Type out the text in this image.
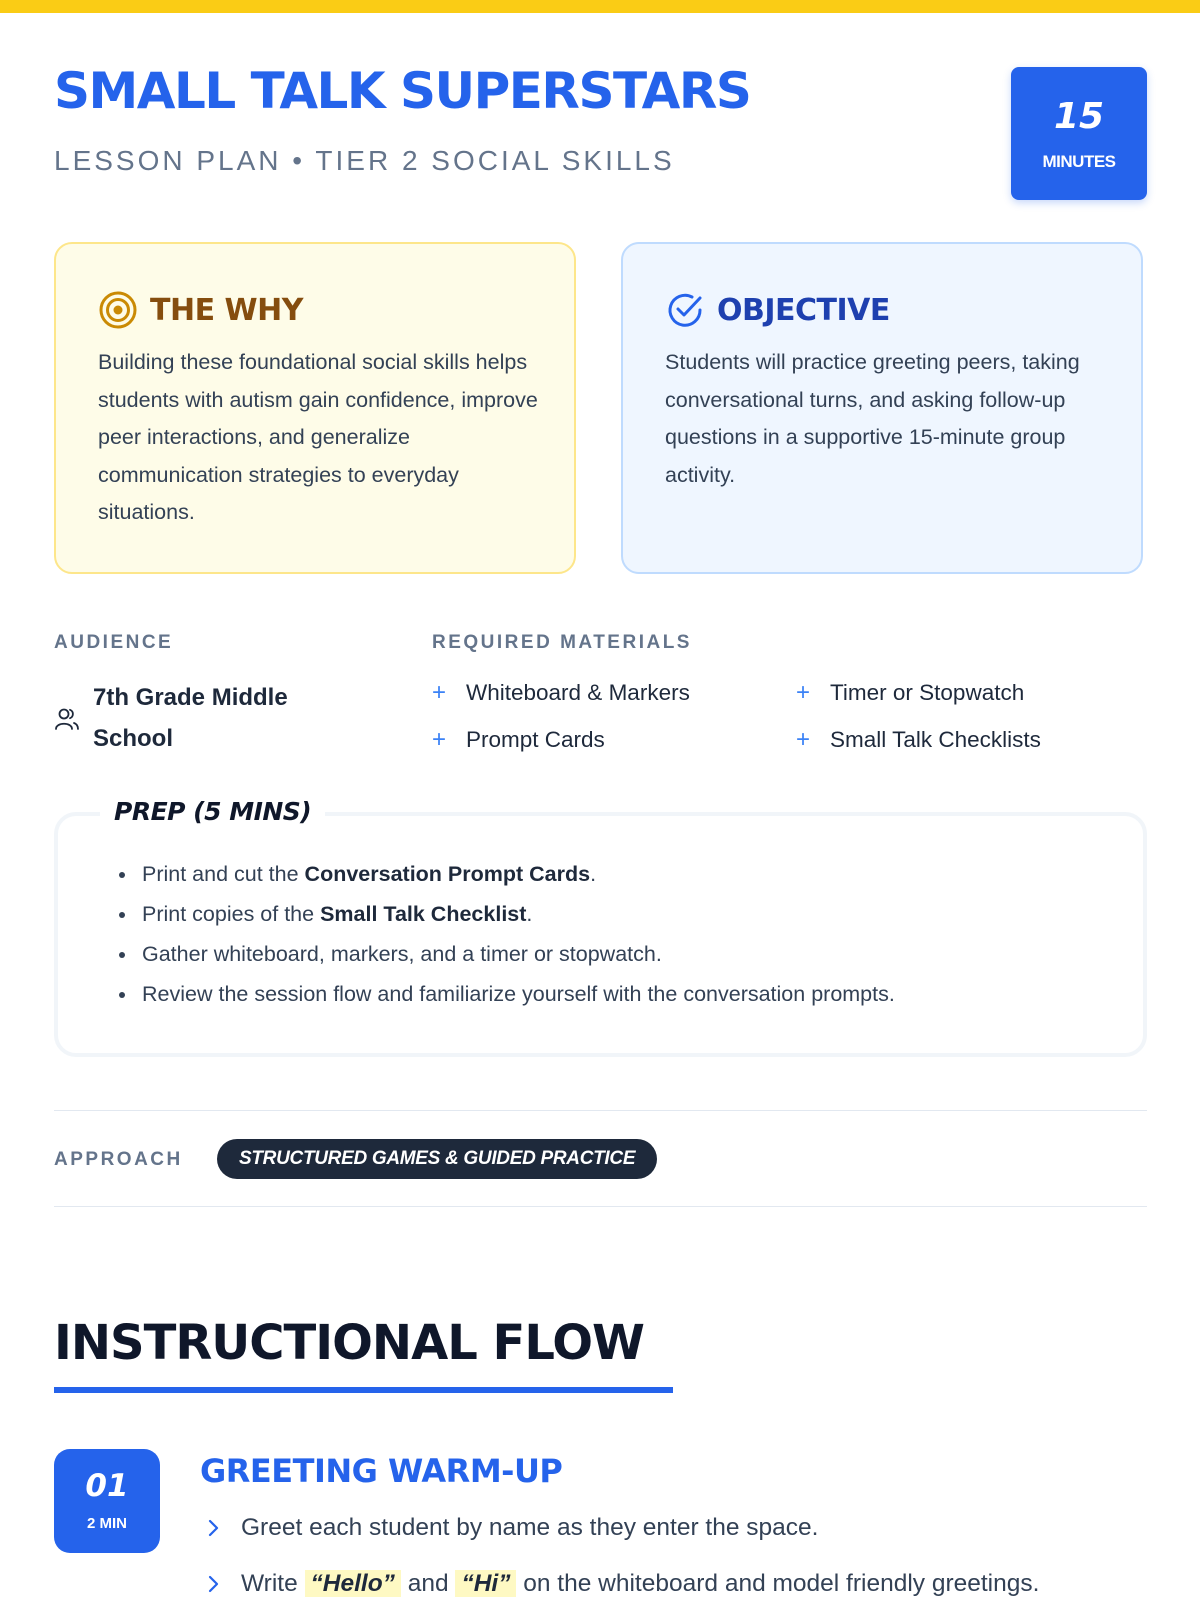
SMALL TALK SUPERSTARS
LESSON PLAN • TIER 2 SOCIAL SKILLS
15
MINUTES
THE WHY
Building these foundational social skills helps students with autism gain confidence, improve peer interactions, and generalize communication strategies to everyday situations.
OBJECTIVE
Students will practice greeting peers, taking conversational turns, and asking follow-up questions in a supportive 15-minute group activity.
AUDIENCE
7th Grade Middle School
REQUIRED MATERIALS
+ Whiteboard & Markers	+ Timer or Stopwatch
+ Prompt Cards	+ Small Talk Checklists
• Print and cut the Conversation Prompt Cards.
• Print copies of the Small Talk Checklist.
• Gather whiteboard, markers, and a timer or stopwatch.
• Review the session flow and familiarize yourself with the conversation prompts.
PREP (5 MINS)
APPROACH	STRUCTURED GAMES & GUIDED PRACTICE
INSTRUCTIONAL FLOW
01
2 MIN
GREETING WARM-UP
Greet each student by name as they enter the space.
Write “Hello” and “Hi” on the whiteboard and model friendly greetings.
